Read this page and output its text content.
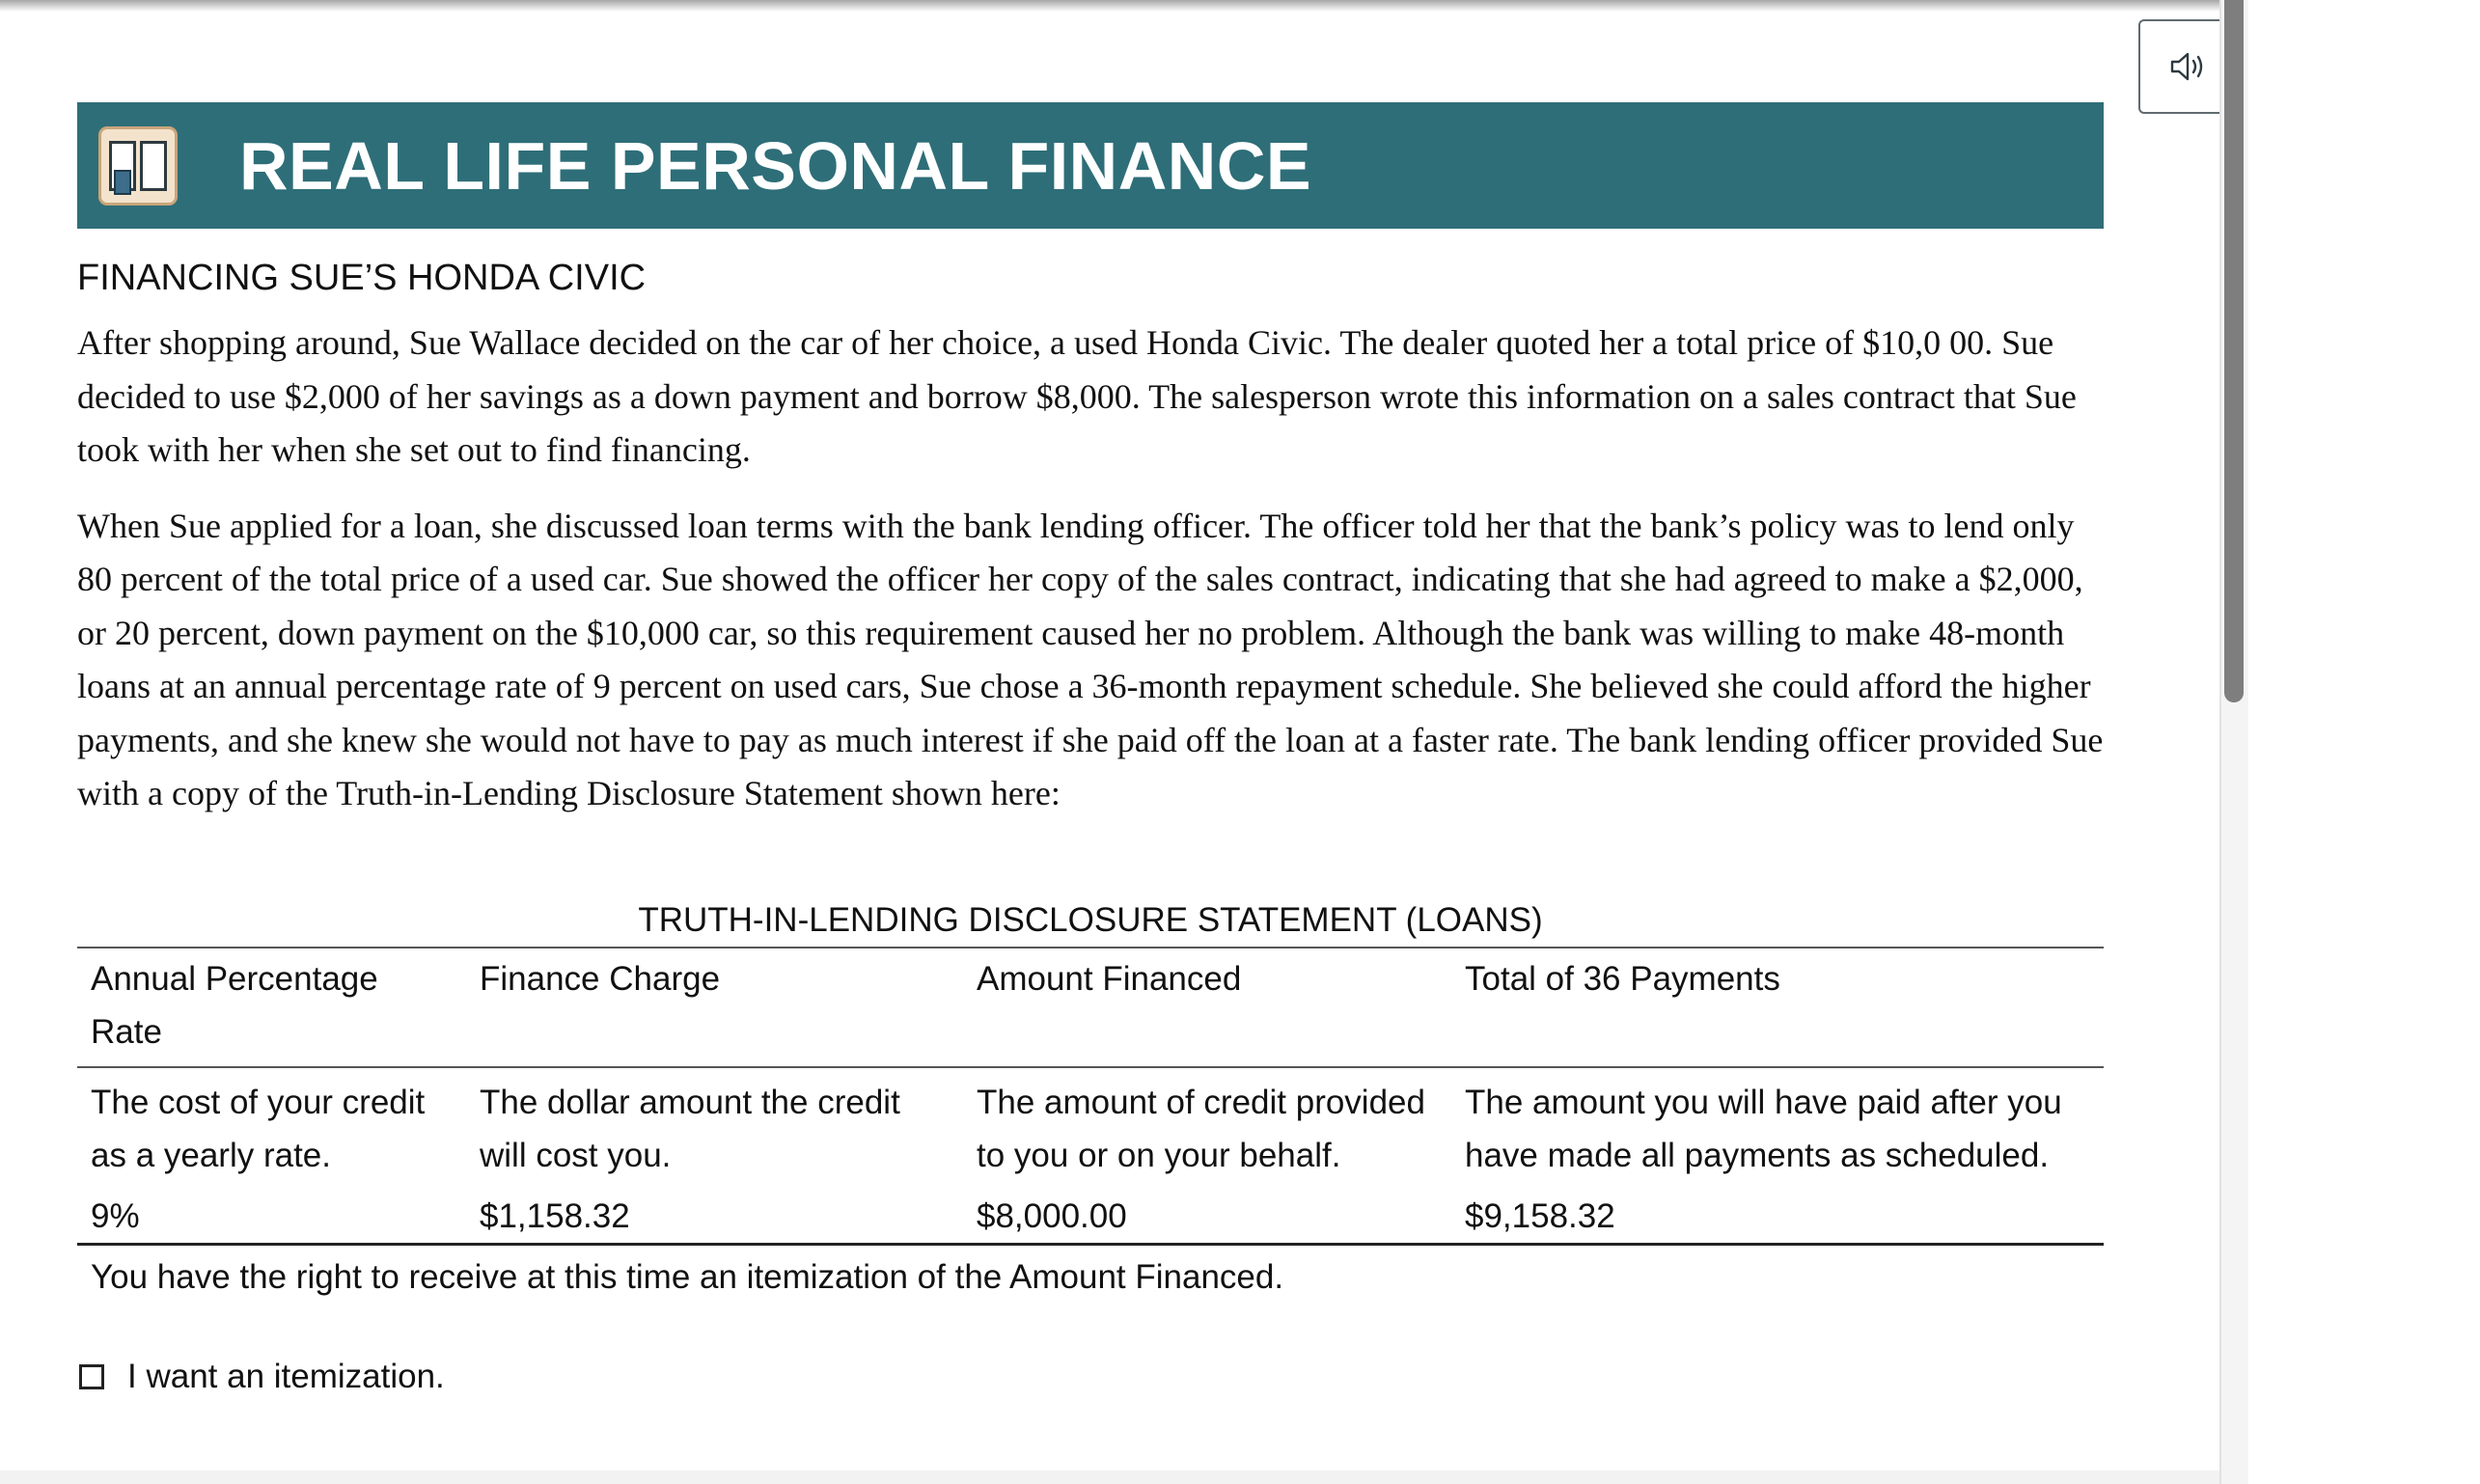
REAL LIFE PERSONAL FINANCE
FINANCING SUE’S HONDA CIVIC

After shopping around, Sue Wallace decided on the car of her choice, a used Honda Civic. The dealer quoted her a total price of $10,0 00. Sue decided to use $2,000 of her savings as a down payment and borrow $8,000. The salesperson wrote this information on a sales contract that Sue took with her when she set out to find financing.

When Sue applied for a loan, she discussed loan terms with the bank lending officer. The officer told her that the bank’s policy was to lend only 80 percent of the total price of a used car. Sue showed the officer her copy of the sales contract, indicating that she had agreed to make a $2,000, or 20 percent, down payment on the $10,000 car, so this requirement caused her no problem. Although the bank was willing to make 48-month loans at an annual percentage rate of 9 percent on used cars, Sue chose a 36-month repayment schedule. She believed she could afford the higher payments, and she knew she would not have to pay as much interest if she paid off the loan at a faster rate. The bank lending officer provided Sue with a copy of the Truth-in-Lending Disclosure Statement shown here:

TRUTH-IN-LENDING DISCLOSURE STATEMENT (LOANS)
Annual Percentage Rate	Finance Charge	Amount Financed	Total of 36 Payments
The cost of your credit as a yearly rate.	The dollar amount the credit will cost you.	The amount of credit provided to you or on your behalf.	The amount you will have paid after you have made all payments as scheduled.
9%	$1,158.32	$8,000.00	$9,158.32
You have the right to receive at this time an itemization of the Amount Financed.
I want an itemization.
